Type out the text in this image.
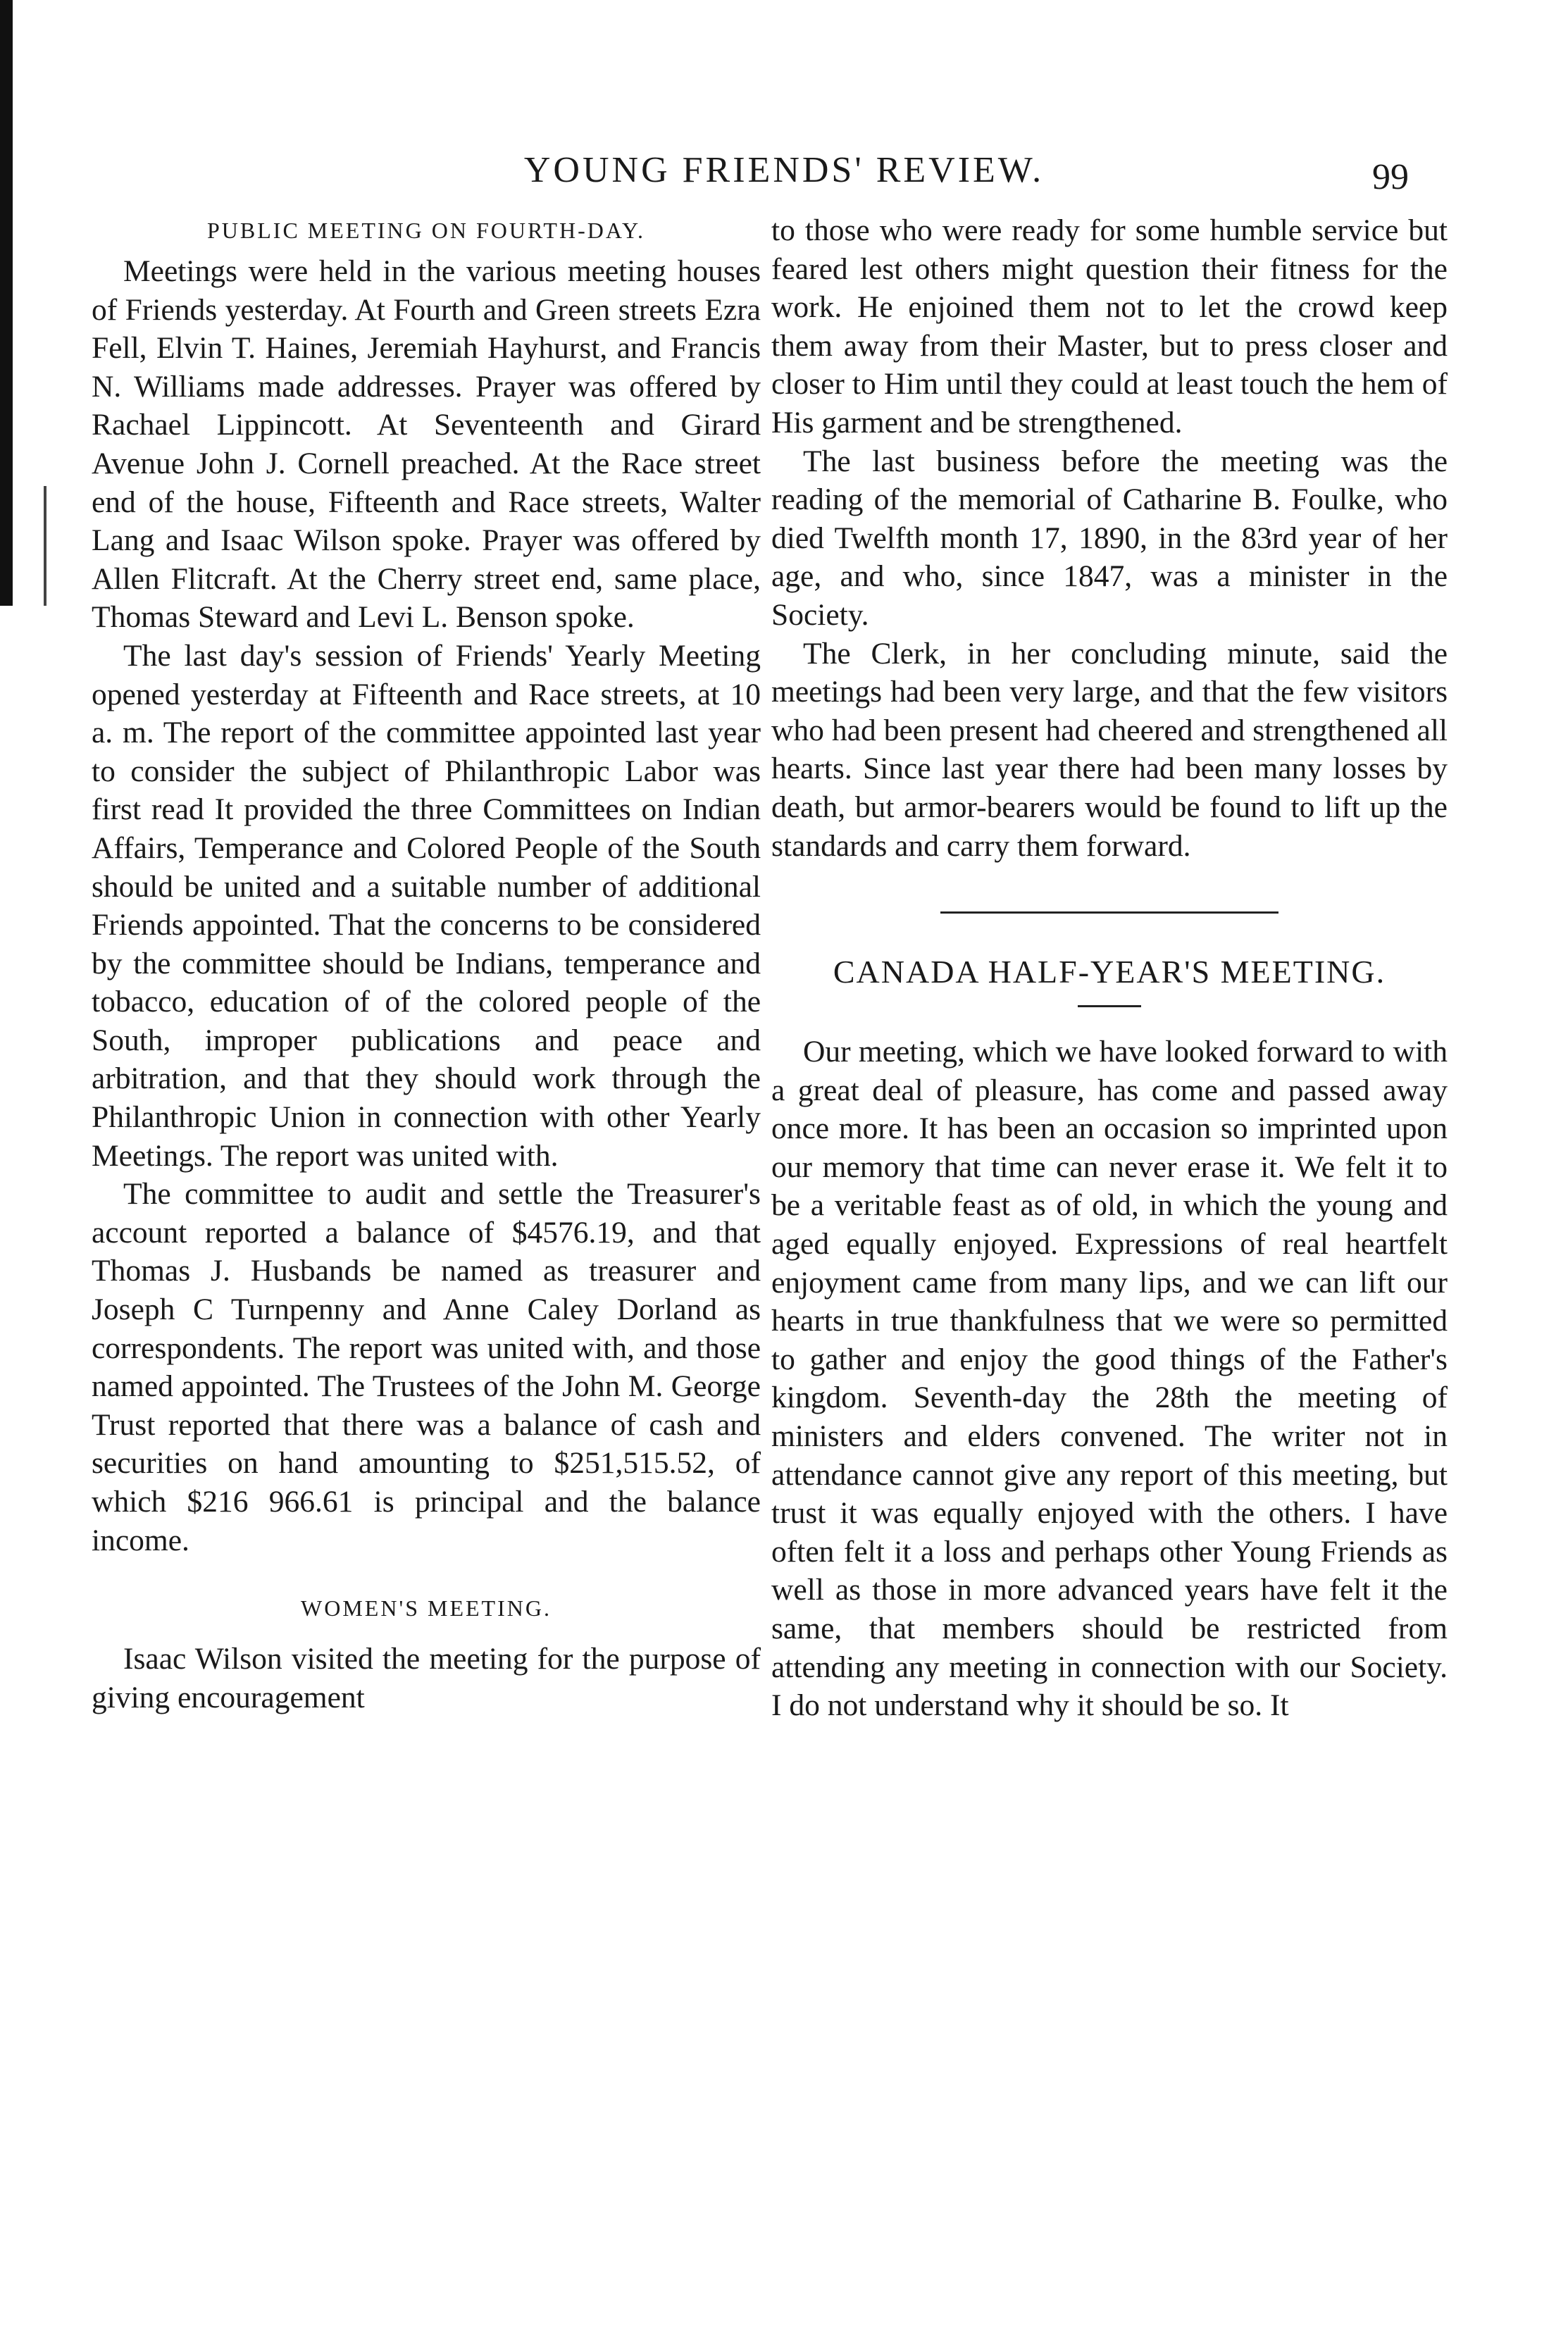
YOUNG FRIENDS' REVIEW.	99
PUBLIC MEETING ON FOURTH-DAY.

Meetings were held in the various meeting houses of Friends yesterday. At Fourth and Green streets Ezra Fell, Elvin T. Haines, Jeremiah Hayhurst, and Francis N. Williams made addresses. Prayer was offered by Rachael Lippincott. At Seventeenth and Girard Avenue John J. Cornell preached. At the Race street end of the house, Fifteenth and Race streets, Walter Lang and Isaac Wilson spoke. Prayer was offered by Allen Flitcraft. At the Cherry street end, same place, Thomas Steward and Levi L. Benson spoke.

The last day's session of Friends' Yearly Meeting opened yesterday at Fifteenth and Race streets, at 10 a. m. The report of the committee appointed last year to consider the subject of Philanthropic Labor was first read It provided the three Committees on Indian Affairs, Temperance and Colored People of the South should be united and a suitable number of additional Friends appointed. That the concerns to be considered by the committee should be Indians, temperance and tobacco, education of of the colored people of the South, improper publications and peace and arbitration, and that they should work through the Philanthropic Union in connection with other Yearly Meetings. The report was united with.

The committee to audit and settle the Treasurer's account reported a balance of $4576.19, and that Thomas J. Husbands be named as treasurer and Joseph C Turnpenny and Anne Caley Dorland as correspondents. The report was united with, and those named appointed. The Trustees of the John M. George Trust reported that there was a balance of cash and securities on hand amounting to $251,515.52, of which $216 966.61 is principal and the balance income.

WOMEN'S MEETING.

Isaac Wilson visited the meeting for the purpose of giving encouragement

to those who were ready for some humble service but feared lest others might question their fitness for the work. He enjoined them not to let the crowd keep them away from their Master, but to press closer and closer to Him until they could at least touch the hem of His garment and be strengthened.

The last business before the meeting was the reading of the memorial of Catharine B. Foulke, who died Twelfth month 17, 1890, in the 83rd year of her age, and who, since 1847, was a minister in the Society.

The Clerk, in her concluding minute, said the meetings had been very large, and that the few visitors who had been present had cheered and strengthened all hearts. Since last year there had been many losses by death, but armor-bearers would be found to lift up the standards and carry them forward.

CANADA HALF-YEAR'S MEETING.

Our meeting, which we have looked forward to with a great deal of pleasure, has come and passed away once more. It has been an occasion so imprinted upon our memory that time can never erase it. We felt it to be a veritable feast as of old, in which the young and aged equally enjoyed. Expressions of real heartfelt enjoyment came from many lips, and we can lift our hearts in true thankfulness that we were so permitted to gather and enjoy the good things of the Father's kingdom. Seventh-day the 28th the meeting of ministers and elders convened. The writer not in attendance cannot give any report of this meeting, but trust it was equally enjoyed with the others. I have often felt it a loss and perhaps other Young Friends as well as those in more advanced years have felt it the same, that members should be restricted from attending any meeting in connection with our Society. I do not understand why it should be so. It
